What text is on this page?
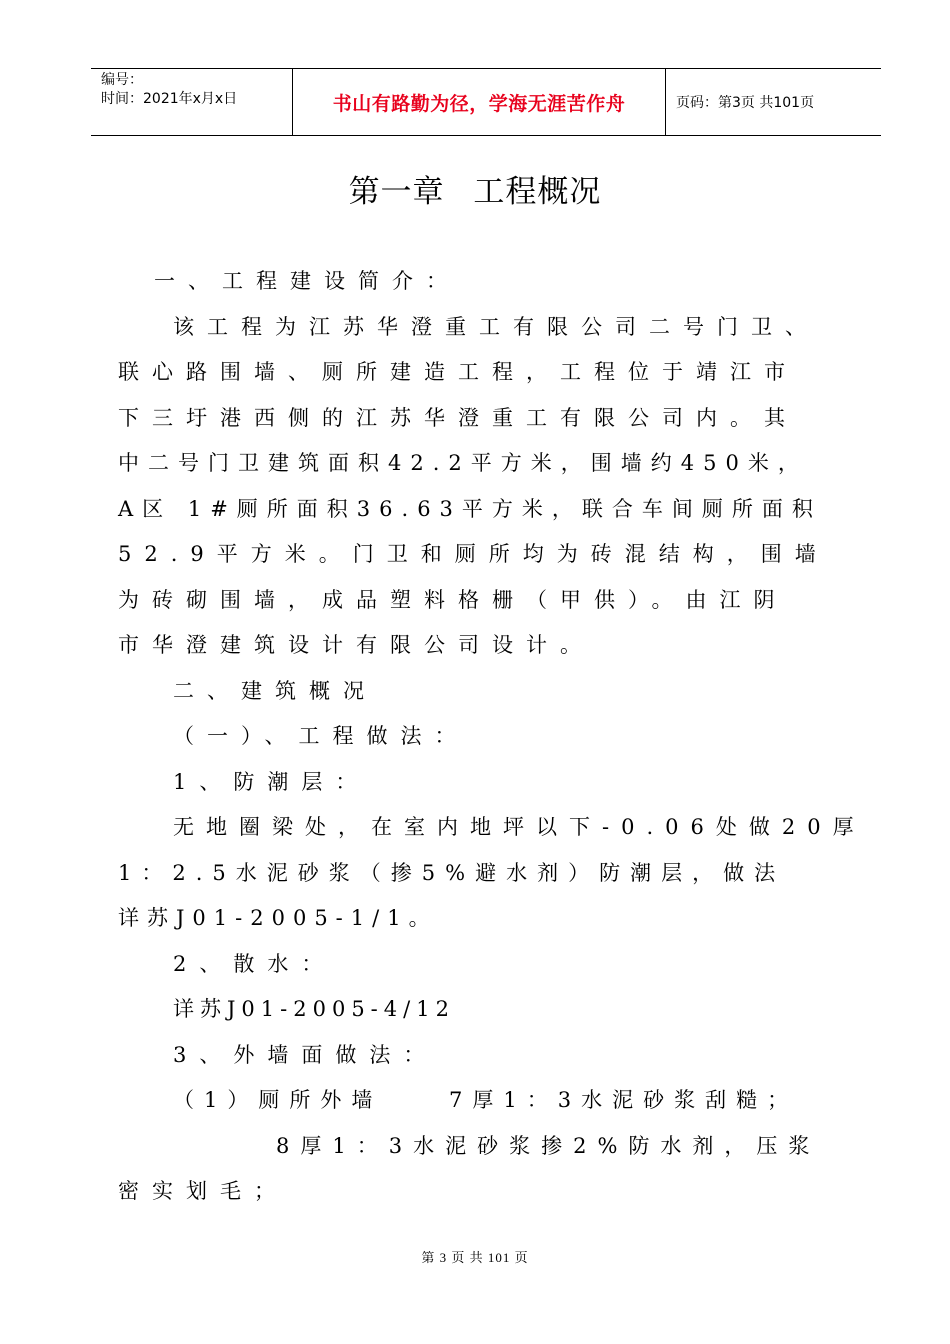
编号：
时间：2021年x月x日	书山有路勤为径，学海无涯苦作舟	页码：第3页 共101页
第一章 工程概况
一、工程建设简介：
该工程为江苏华澄重工有限公司二号门卫、
联心路围墙、厕所建造工程，工程位于靖江市
下三圩港西侧的江苏华澄重工有限公司内。其
中二号门卫建筑面积42.2平方米，围墙约450米，
A区 1#厕所面积36.63平方米，联合车间厕所面积
52.9平方米。门卫和厕所均为砖混结构，围墙
为砖砌围墙，成品塑料格栅（甲供）。由江阴
市华澄建筑设计有限公司设计。
二、建筑概况
（一）、工程做法：
1、防潮层：
无地圈梁处，在室内地坪以下-0.06处做20厚
1：2.5水泥砂浆（掺5%避水剂）防潮层，做法
详苏J01-2005-1/1。
2、散水：
详苏J01-2005-4/12
3、外墙面做法：
（1）厕所外墙    7厚1：3水泥砂浆刮糙；
8厚1：3水泥砂浆掺2%防水剂，压浆
密实划毛；
第 3 页 共 101 页
